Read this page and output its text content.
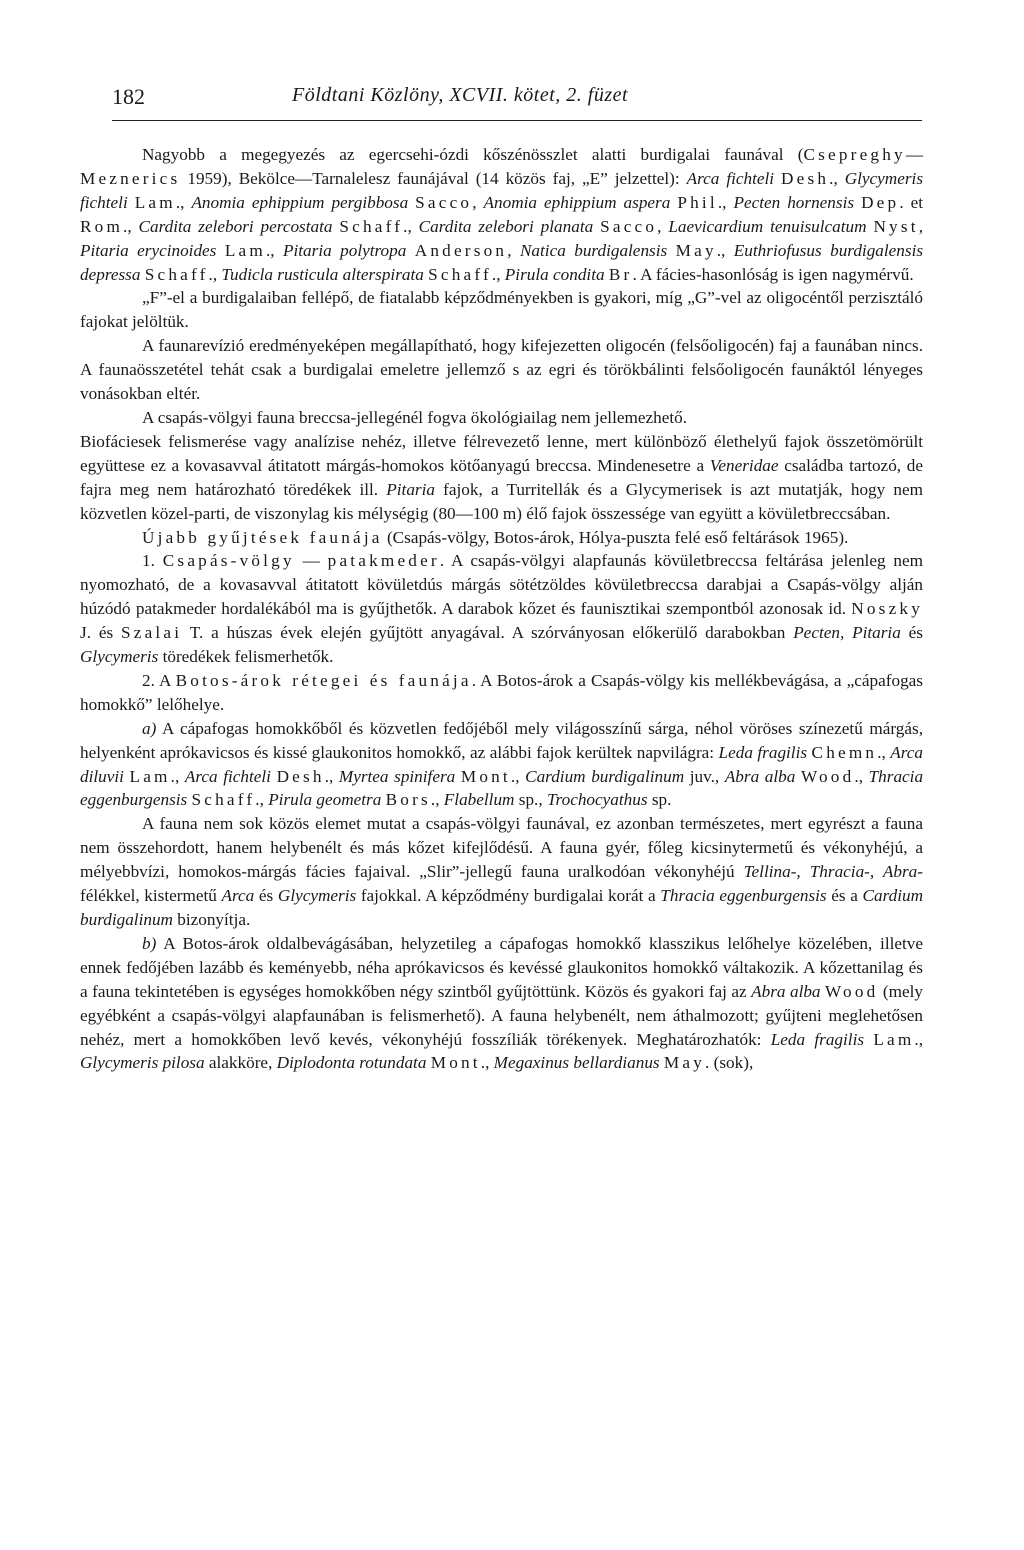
182	Földtani Közlöny, XCVII. kötet, 2. füzet

Nagyobb a megegyezés az egercsehi-ózdi kőszénösszlet alatti burdigalai faunával (Csepreghy—Meznerics 1959), Bekölce—Tarnalelesz faunájával (14 közös faj, „E” jelzettel): Arca fichteli Desh., Glycymeris fichteli Lam., Anomia ephippium pergibbosa Sacco, Anomia ephippium aspera Phil., Pecten hornensis Dep. et Rom., Cardita zelebori percostata Schaff., Cardita zelebori planata Sacco, Laevicardium tenuisulcatum Nyst, Pitaria erycinoides Lam., Pitaria polytropa Anderson, Natica burdigalensis May., Euthriofusus burdigalensis depressa Schaff., Tudicla rusticula alterspirata Schaff., Pirula condita Br. A fácies-hasonlóság is igen nagymérvű.

„F”-el a burdigalaiban fellépő, de fiatalabb képződményekben is gyakori, míg „G”-vel az oligocéntől perzisztáló fajokat jelöltük.

A faunarevízió eredményeképen megállapítható, hogy kifejezetten oligocén (felsőoligocén) faj a faunában nincs. A faunaösszetétel tehát csak a burdigalai emeletre jellemző s az egri és törökbálinti felsőoligocén faunáktól lényeges vonásokban eltér.

A csapás-völgyi fauna breccsa-jellegénél fogva ökológiailag nem jellemezhető.

Biofáciesek felismerése vagy analízise nehéz, illetve félrevezető lenne, mert különböző élethelyű fajok összetömörült együttese ez a kovasavval átitatott márgás-homokos kötőanyagú breccsa. Mindenesetre a Veneridae családba tartozó, de fajra meg nem határozható töredékek ill. Pitaria fajok, a Turritellák és a Glycymerisek is azt mutatják, hogy nem közvetlen közel-parti, de viszonylag kis mélységig (80—100 m) élő fajok összessége van együtt a kövületbreccsában.

Újabb gyűjtések faunája (Csapás-völgy, Botos-árok, Hólya-puszta felé eső feltárások 1965).

1. Csapás-völgy — patakmeder. A csapás-völgyi alapfaunás kövületbreccsa feltárása jelenleg nem nyomozható, de a kovasavval átitatott kövületdús márgás sötétzöldes kövületbreccsa darabjai a Csapás-völgy alján húzódó patakmeder hordalékából ma is gyűjthetők. A darabok kőzet és faunisztikai szempontból azonosak id. Noszky J. és Szalai T. a húszas évek elején gyűjtött anyagával. A szórványosan előkerülő darabokban Pecten, Pitaria és Glycymeris töredékek felismerhetők.

2. A Botos-árok rétegei és faunája. A Botos-árok a Csapás-völgy kis mellékbevágása, a „cápafogas homokkő” lelőhelye.

a) A cápafogas homokkőből és közvetlen fedőjéből mely világosszínű sárga, néhol vöröses színezetű márgás, helyenként aprókavicsos és kissé glaukonitos homokkő, az alábbi fajok kerültek napvilágra: Leda fragilis Chemn., Arca diluvii Lam., Arca fichteli Desh., Myrtea spinifera Mont., Cardium burdigalinum juv., Abra alba Wood., Thracia eggenburgensis Schaff., Pirula geometra Bors., Flabellum sp., Trochocyathus sp.

A fauna nem sok közös elemet mutat a csapás-völgyi faunával, ez azonban természetes, mert egyrészt a fauna nem összehordott, hanem helybenélt és más kőzet kifejlődésű. A fauna gyér, főleg kicsinytermetű és vékonyhéjú, a mélyebbvízi, homokos-márgás fácies fajaival. „Slir”-jellegű fauna uralkodóan vékonyhéjú Tellina-, Thracia-, Abra-félékkel, kistermetű Arca és Glycymeris fajokkal. A képződmény burdigalai korát a Thracia eggenburgensis és a Cardium burdigalinum bizonyítja.

b) A Botos-árok oldalbevágásában, helyzetileg a cápafogas homokkő klasszikus lelőhelye közelében, illetve ennek fedőjében lazább és keményebb, néha aprókavicsos és kevéssé glaukonitos homokkő váltakozik. A kőzettanilag és a fauna tekintetében is egységes homokkőben négy szintből gyűjtöttünk. Közös és gyakori faj az Abra alba Wood (mely egyébként a csapás-völgyi alapfaunában is felismerhető). A fauna helybenélt, nem áthalmozott; gyűjteni meglehetősen nehéz, mert a homokkőben levő kevés, vékonyhéjú fosszíliák törékenyek. Meghatározhatók: Leda fragilis Lam., Glycymeris pilosa alakköre, Diplodonta rotundata Mont., Megaxinus bellardianus May. (sok),
